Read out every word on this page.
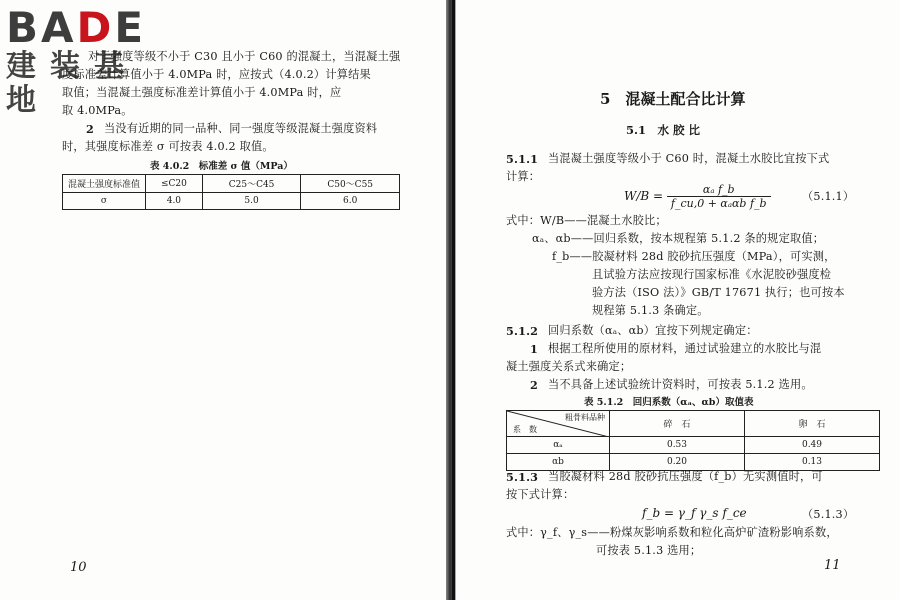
BADE
建装基地
对于强度等级不小于 C30 且小于 C60 的混凝土，当混凝土强
度标准差计算值小于 4.0MPa 时，应按式（4.0.2）计算结果
取值；当混凝土强度标准差计算值小于 4.0MPa 时，应
取 4.0MPa。
2 当没有近期的同一品种、同一强度等级混凝土强度资料
时，其强度标准差 σ 可按表 4.0.2 取值。
表 4.0.2　标准差 σ 值（MPa）
混凝土强度标准值	≤C20	C25～C45	C50～C55
σ	4.0	5.0	6.0
10
5　混凝土配合比计算
5.1　水 胶 比
5.1.1 当混凝土强度等级小于 C60 时，混凝土水胶比宜按下式
计算：
$W/B = \frac{\text{αₐ f\_b}}{\text{f\_cu,0 + αₐαb f\_b}}$	（5.1.1）
式中：W/B——混凝土水胶比；
αₐ、αb——回归系数，按本规程第 5.1.2 条的规定取值；
f_b——胶凝材料 28d 胶砂抗压强度（MPa），可实测，
且试验方法应按现行国家标准《水泥胶砂强度检
验方法（ISO 法）》GB/T 17671 执行；也可按本
规程第 5.1.3 条确定。
5.1.2 回归系数（αₐ、αb）宜按下列规定确定：
1 根据工程所使用的原材料，通过试验建立的水胶比与混
凝土强度关系式来确定；
2 当不具备上述试验统计资料时，可按表 5.1.2 选用。
表 5.1.2　回归系数（αₐ、αb）取值表
粗骨料品种
系　数	碎　石	卵　石
αₐ	0.53	0.49
αb	0.20	0.13
5.1.3 当胶凝材料 28d 胶砂抗压强度（f_b）无实测值时，可
按下式计算：
f_b = γ_f γ_s f_ce	（5.1.3）
式中：γ_f、γ_s——粉煤灰影响系数和粒化高炉矿渣粉影响系数，
可按表 5.1.3 选用；
11
